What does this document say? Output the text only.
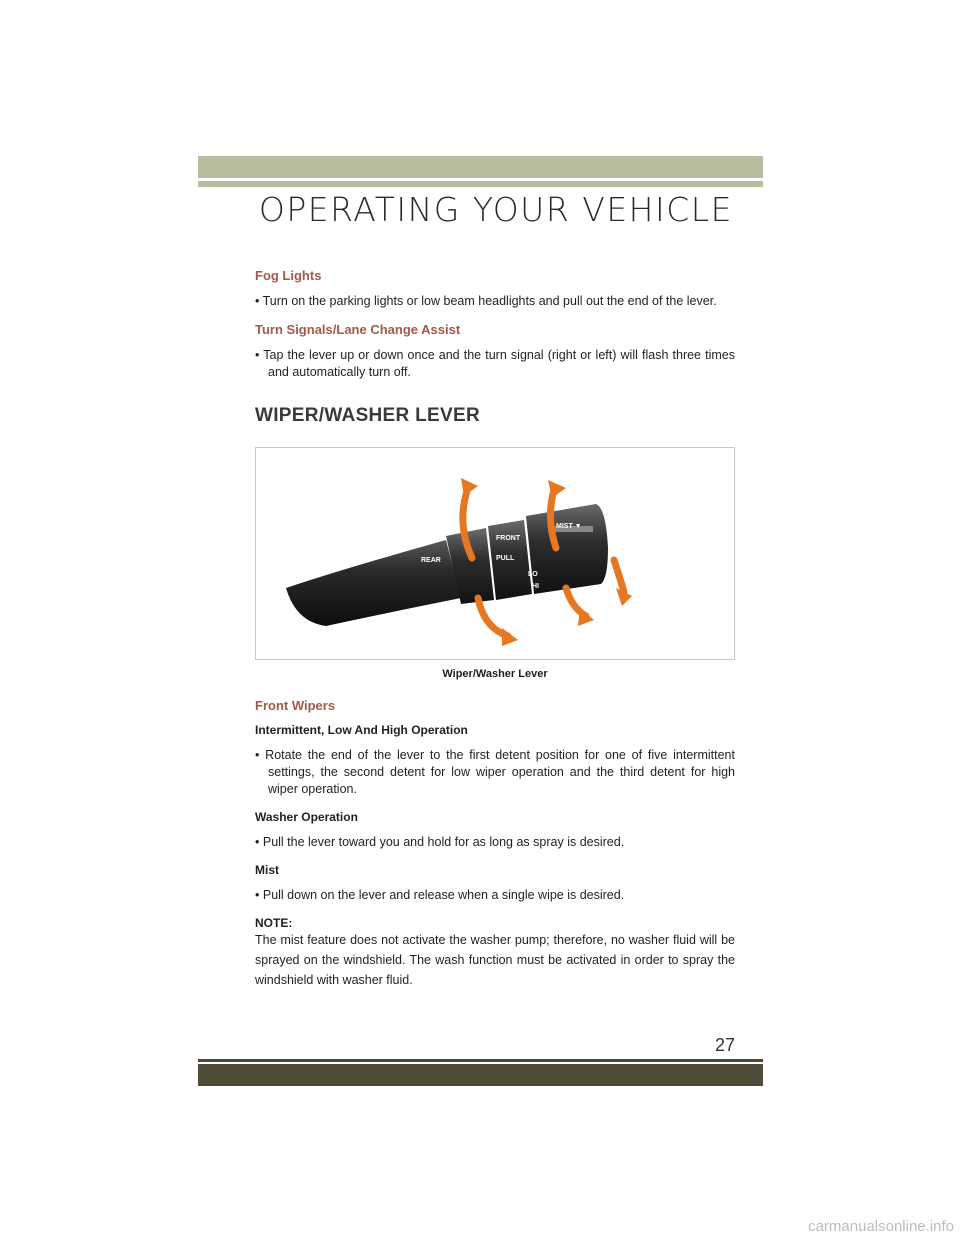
OPERATING YOUR VEHICLE
Fog Lights

• Turn on the parking lights or low beam headlights and pull out the end of the lever.

Turn Signals/Lane Change Assist

• Tap the lever up or down once and the turn signal (right or left) will flash three times and automatically turn off.

WIPER/WASHER LEVER
REAR
FRONT
PULL
MIST ▼
LO
HI
Wiper/Washer Lever
Front Wipers
Intermittent, Low And High Operation

• Rotate the end of the lever to the first detent position for one of five intermittent settings, the second detent for low wiper operation and the third detent for high wiper operation.

Washer Operation

• Pull the lever toward you and hold for as long as spray is desired.

Mist

• Pull down on the lever and release when a single wipe is desired.

NOTE:

The mist feature does not activate the washer pump; therefore, no washer fluid will be sprayed on the windshield. The wash function must be activated in order to spray the windshield with washer fluid.

27
carmanualsonline.info
